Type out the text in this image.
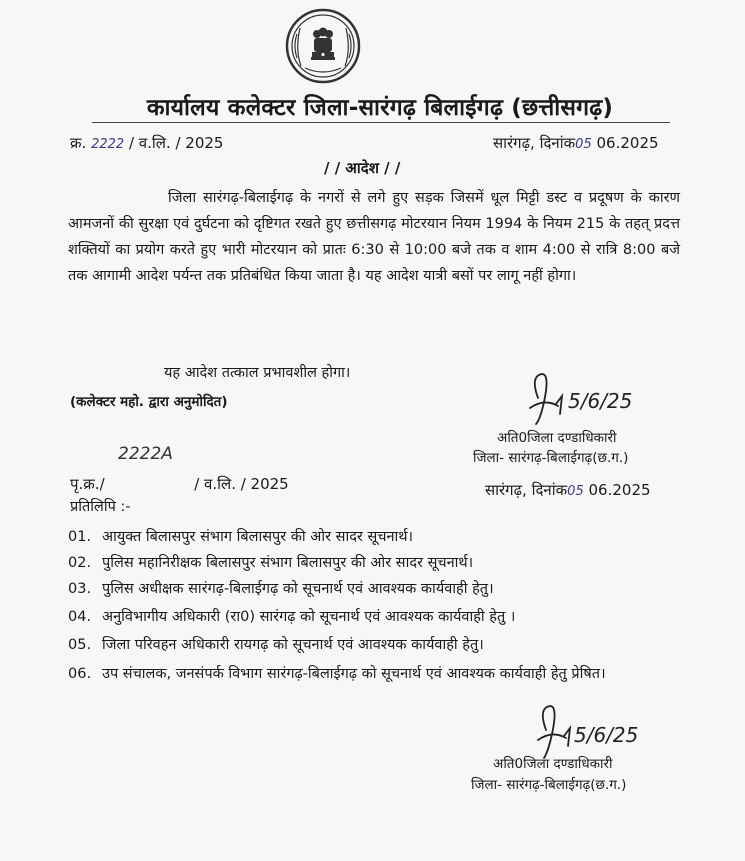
कार्यालय कलेक्टर जिला-सारंगढ़ बिलाईगढ़ (छत्तीसगढ़)
क्र. 2222 / व.लि. / 2025	सारंगढ़, दिनांक05 06.2025
/ / आदेश / /
जिला सारंगढ़-बिलाईगढ़ के नगरों से लगे हुए सड़क जिसमें धूल मिट्टी डस्ट व प्रदूषण के कारण आमजनों की सुरक्षा एवं दुर्घटना को दृष्टिगत रखते हुए छत्तीसगढ़ मोटरयान नियम 1994 के नियम 215 के तहत् प्रदत्त शक्तियों का प्रयोग करते हुए भारी मोटरयान को प्रातः 6:30 से 10:00 बजे तक व शाम 4:00 से रात्रि 8:00 बजे तक आगामी आदेश पर्यन्त तक प्रतिबंधित किया जाता है। यह आदेश यात्री बसों पर लागू नहीं होगा।
यह आदेश तत्काल प्रभावशील होगा।
(कलेक्टर महो. द्वारा अनुमोदित)	5/6/25
अति0जिला दण्डाधिकारी
जिला- सारंगढ़-बिलाईगढ़(छ.ग.)
2222A
पृ.क्र./	/ व.लि. / 2025	सारंगढ़, दिनांक05 06.2025
प्रतिलिपि :-
01. आयुक्त बिलासपुर संभाग बिलासपुर की ओर सादर सूचनार्थ।
02. पुलिस महानिरीक्षक बिलासपुर संभाग बिलासपुर की ओर सादर सूचनार्थ।
03. पुलिस अधीक्षक सारंगढ़-बिलाईगढ़ को सूचनार्थ एवं आवश्यक कार्यवाही हेतु।
04. अनुविभागीय अधिकारी (रा0) सारंगढ़ को सूचनार्थ एवं आवश्यक कार्यवाही हेतु ।
05. जिला परिवहन अधिकारी रायगढ़ को सूचनार्थ एवं आवश्यक कार्यवाही हेतु।
06. उप संचालक, जनसंपर्क विभाग सारंगढ़-बिलाईगढ़ को सूचनार्थ एवं आवश्यक कार्यवाही हेतु प्रेषित।
5/6/25
अति0जिला दण्डाधिकारी
जिला- सारंगढ़-बिलाईगढ़(छ.ग.)
